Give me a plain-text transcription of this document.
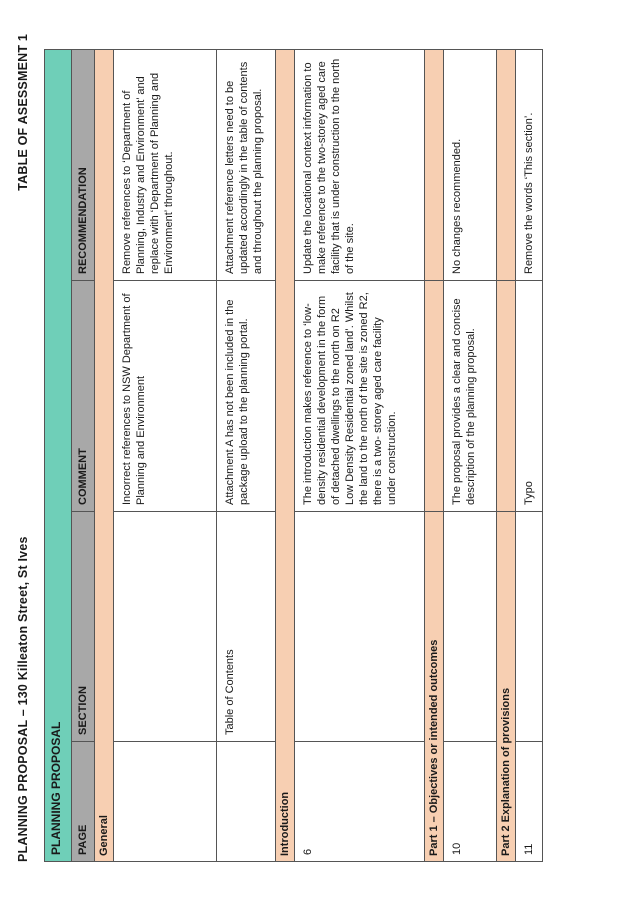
PLANNING PROPOSAL – 130 Killeaton Street, St Ives
TABLE OF ASESSMENT 1
PLANNING PROPOSAL			
PAGE	SECTION	COMMENT	RECOMMENDATION
General			
		Incorrect references to NSW Department of Planning and Environment	Remove references to ‘Department of Planning, Industry and Environment’ and replace with ‘Department of Planning and Environment’ throughout.
	Table of Contents	Attachment A has not been included in the package upload to the planning portal.	Attachment reference letters need to be updated accordingly in the table of contents and throughout the planning proposal.
Introduction			
6		The introduction makes reference to ‘low-density residential development in the form of detached dwellings to the north on R2 Low Density Residential zoned land’. Whilst the land to the north of the site is zoned R2, there is a two- storey aged care facility under construction.	Update the locational context information to make reference to the two-storey aged care facility that is under construction to the north of the site.
Part 1 – Objectives or intended outcomes			
10		The proposal provides a clear and concise description of the planning proposal.	No changes recommended.
Part 2 Explanation of provisions			
11		Typo	Remove the words ‘This section’.
